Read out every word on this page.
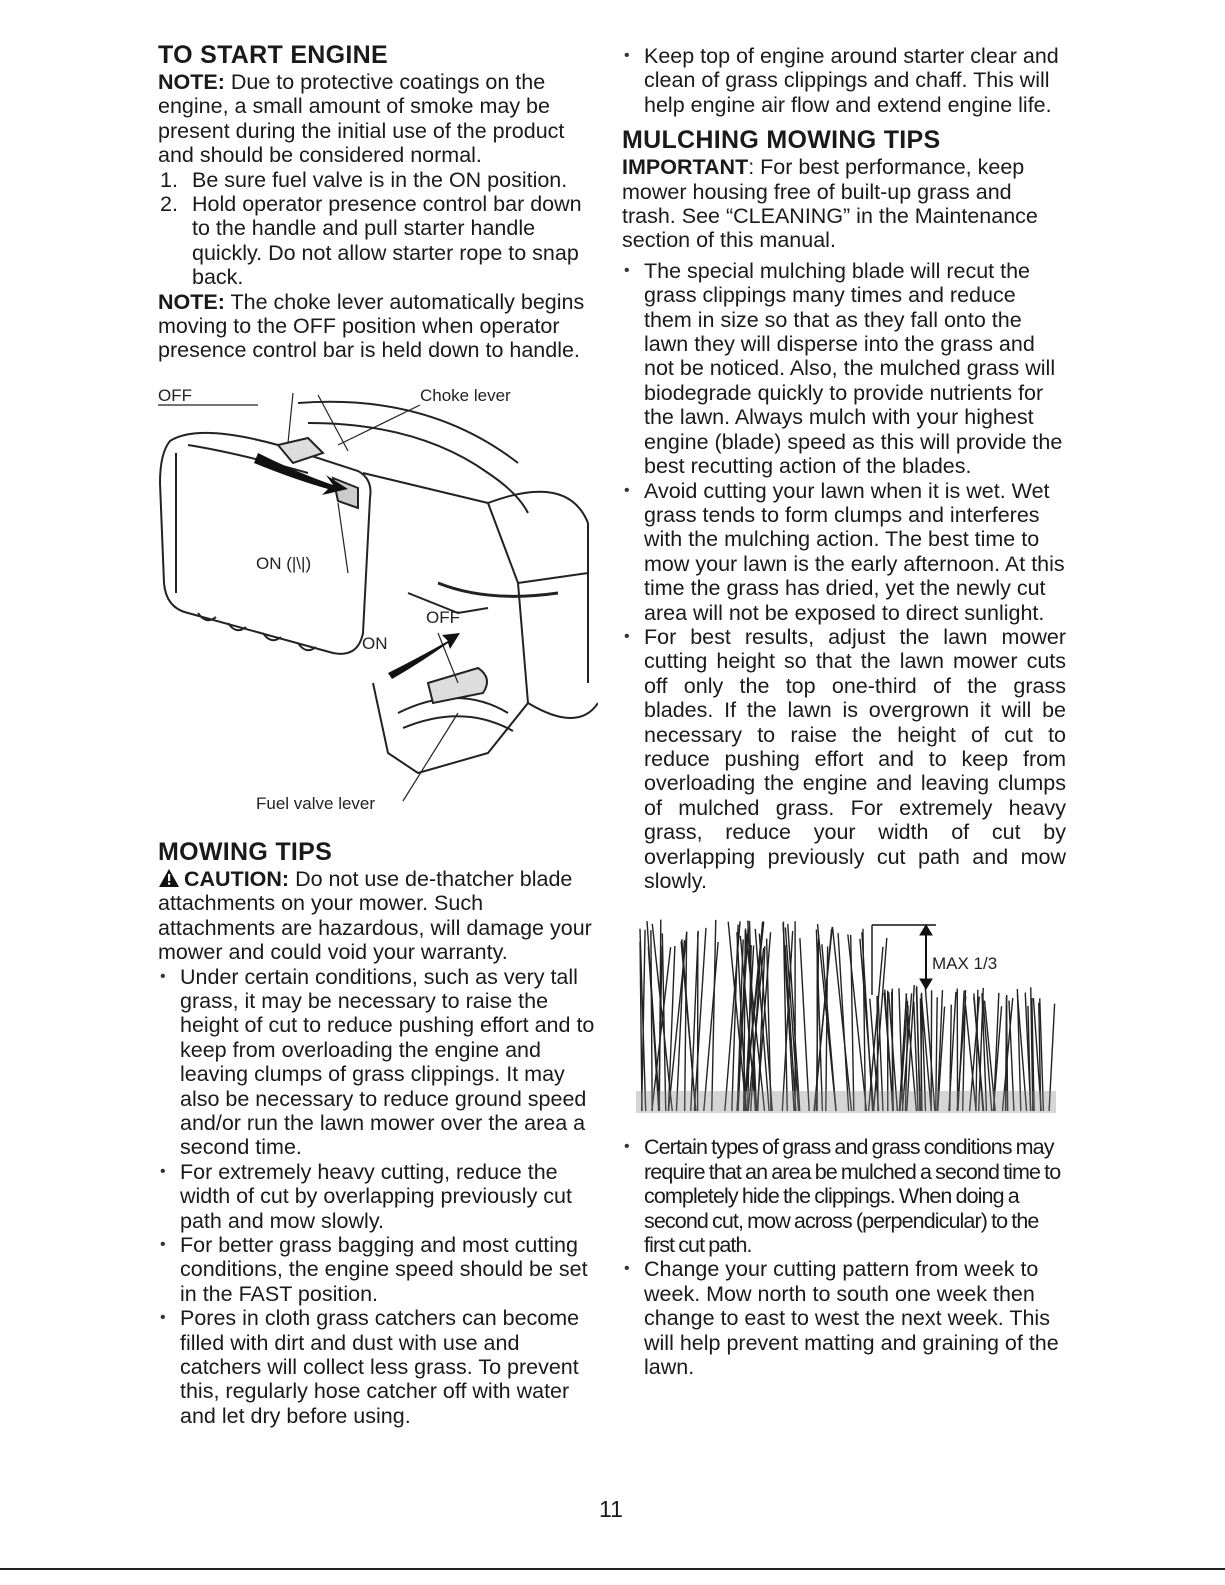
TO START ENGINE

NOTE: Due to protective coatings on the engine, a small amount of smoke may be present during the initial use of the product and should be considered normal.

1. Be sure fuel valve is in the ON position.
2. Hold operator presence control bar down to the handle and pull starter handle quickly. Do not allow starter rope to snap back.

NOTE: The choke lever automatically begins moving to the OFF position when operator presence control bar is held down to handle.

OFF	Choke lever
ON (|\|)
OFF
ON
Fuel valve lever
MOWING TIPS

CAUTION: Do not use de-thatcher blade attachments on your mower. Such attachments are hazardous, will damage your mower and could void your warranty.

• Under certain conditions, such as very tall grass, it may be necessary to raise the height of cut to reduce pushing effort and to keep from overloading the engine and leaving clumps of grass clippings. It may also be necessary to reduce ground speed and/or run the lawn mower over the area a second time.
• For extremely heavy cutting, reduce the width of cut by overlapping previously cut path and mow slowly.
• For better grass bagging and most cutting conditions, the engine speed should be set in the FAST position.
• Pores in cloth grass catchers can become filled with dirt and dust with use and catchers will collect less grass. To prevent this, regularly hose catcher off with water and let dry before using.
• Keep top of engine around starter clear and clean of grass clippings and chaff. This will help engine air flow and extend engine life.
MULCHING MOWING TIPS

IMPORTANT: For best performance, keep mower housing free of built-up grass and trash. See “CLEANING” in the Maintenance section of this manual.

• The special mulching blade will recut the grass clippings many times and reduce them in size so that as they fall onto the lawn they will disperse into the grass and not be noticed. Also, the mulched grass will biodegrade quickly to provide nutrients for the lawn. Always mulch with your highest engine (blade) speed as this will provide the best recutting action of the blades.
• Avoid cutting your lawn when it is wet. Wet grass tends to form clumps and interferes with the mulching action. The best time to mow your lawn is the early afternoon. At this time the grass has dried, yet the newly cut area will not be exposed to direct sunlight.
• For best results, adjust the lawn mower cutting height so that the lawn mower cuts off only the top one-third of the grass blades. If the lawn is overgrown it will be necessary to raise the height of cut to reduce pushing effort and to keep from overloading the engine and leaving clumps of mulched grass. For extremely heavy grass, reduce your width of cut by overlapping previously cut path and mow slowly.
MAX 1/3
• Certain types of grass and grass conditions may require that an area be mulched a second time to completely hide the clippings. When doing a second cut, mow across (perpendicular) to the first cut path.
• Change your cutting pattern from week to week. Mow north to south one week then change to east to west the next week. This will help prevent matting and graining of the lawn.
11
